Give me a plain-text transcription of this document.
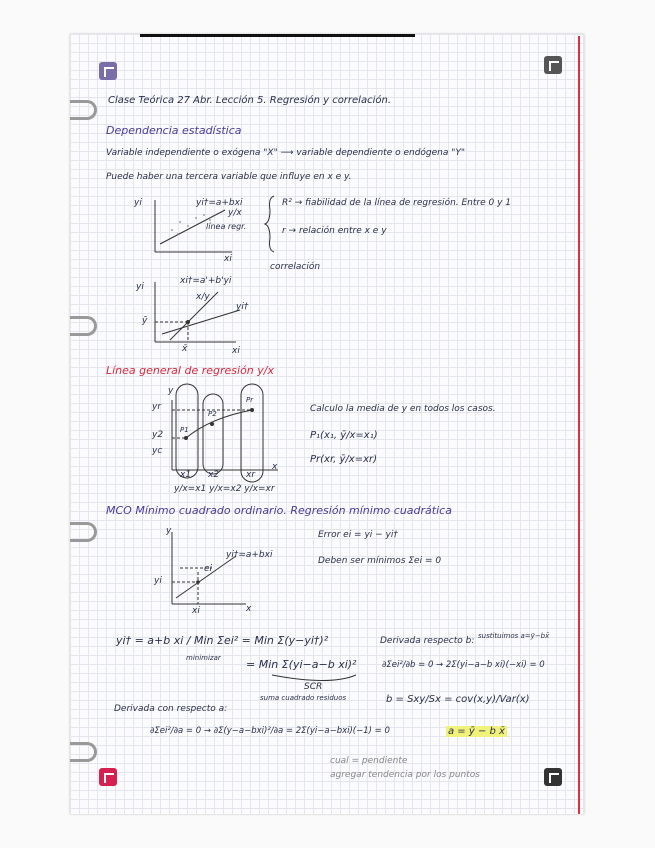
Clase Teórica 27 Abr. Lección 5. Regresión y correlación.
Dependencia estadística
Variable independiente o exógena "X" ⟶ variable dependiente o endógena "Y"
Puede haber una tercera variable que influye en x e y.
yi
xi
yi†=a+bxi
y/x
línea regr.
R² → fiabilidad de la línea de regresión. Entre 0 y 1
r → relación entre x e y
correlación
yi
xi
ȳ
x̄
xi†=a'+b'yi
x/y
yi†
Línea general de regresión y/x
y
yr
y2
yc
x1 x2	xr
x
P1
P2
Pr
y/x=x1 y/x=x2 y/x=xr
Calculo la media de y en todos los casos.
P₁(x₁, ȳ/x=x₁)
Pr(xr, ȳ/x=xr)
MCO Mínimo cuadrado ordinario. Regresión mínimo cuadrática
Error ei = yi − yi†
Deben ser mínimos Σei = 0
y
x
yi†=a+bxi
ei
yi
xi
yi† = a+b xi / Min Σei² = Min Σ(y−yi†)²
minimizar = Min Σ(yi−a−b xi)²
SCR
suma cuadrado residuos
Derivada respecto b: sustituimos a=ȳ−bx̄
∂Σei²/∂b = 0 → 2Σ(yi−a−b xi)(−xi) = 0
b = Sxy/Sx = cov(x,y)/Var(x)
Derivada con respecto a:
∂Σei²/∂a = 0 → ∂Σ(y−a−bxi)²/∂a = 2Σ(yi−a−bxi)(−1) = 0	a = ȳ − b x̄
cual = pendiente
agregar tendencia por los puntos
